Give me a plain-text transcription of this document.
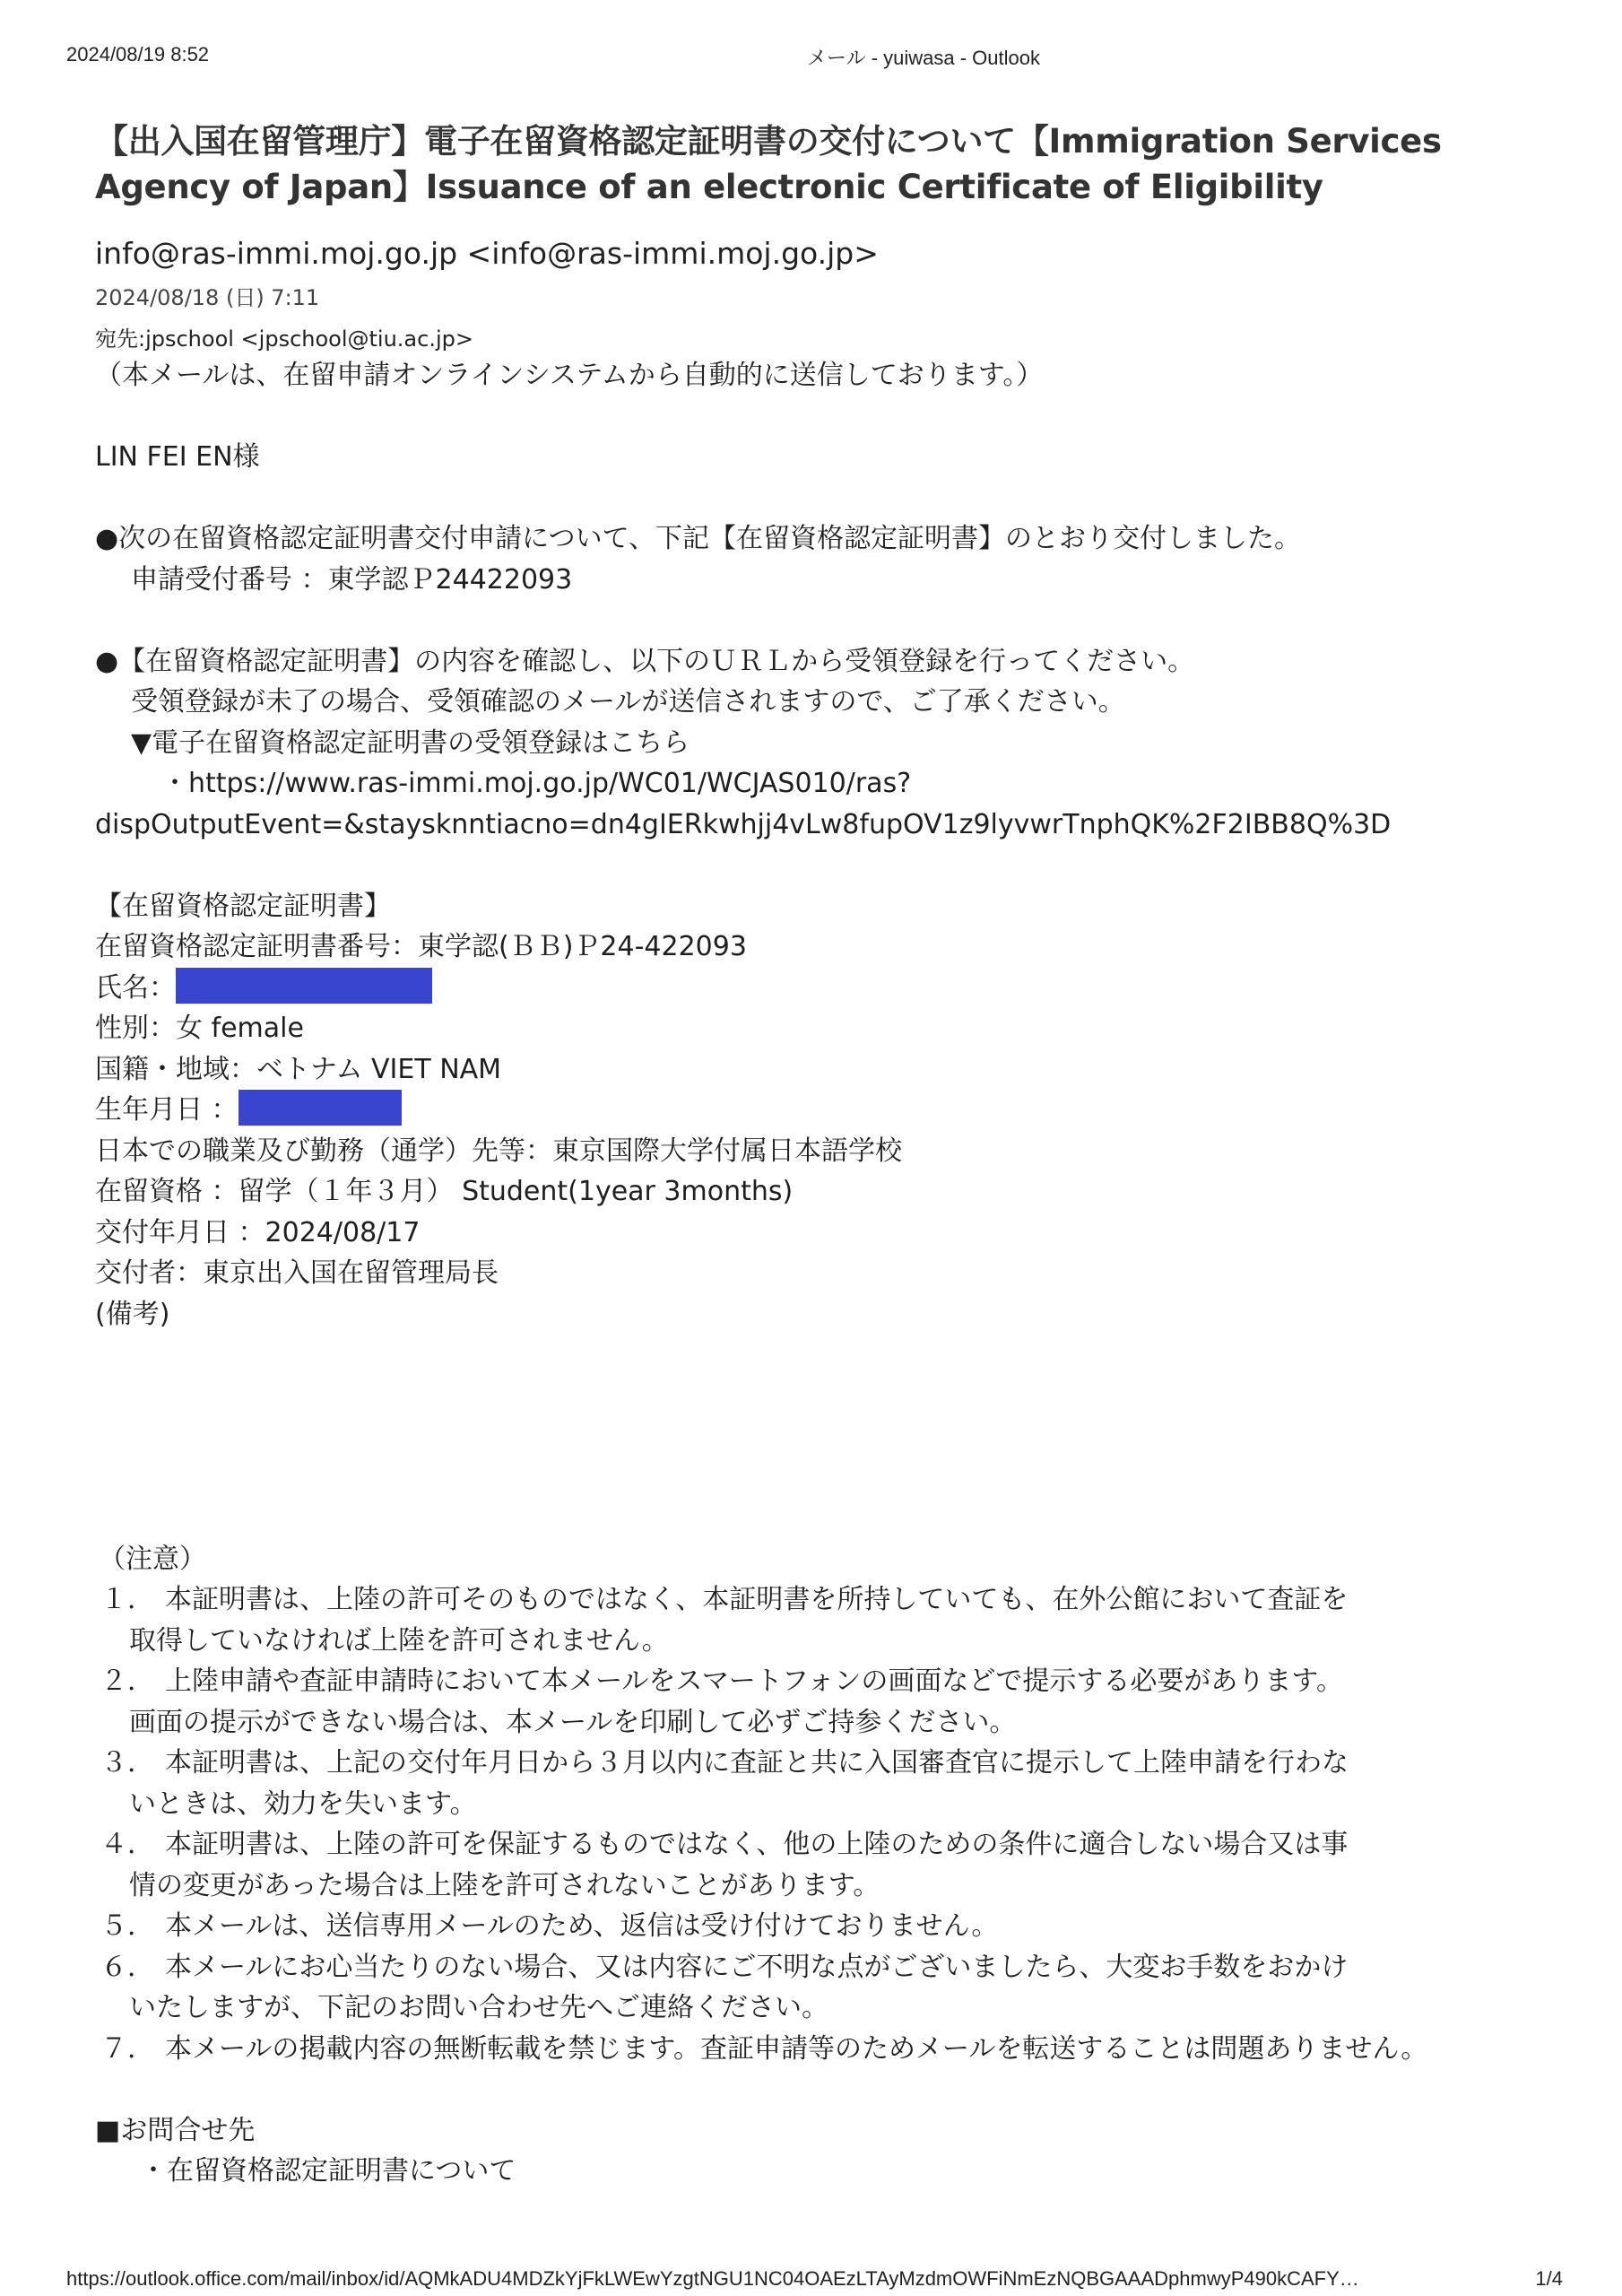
2024/08/19 8:52	メール - yuiwasa - Outlook
【出入国在留管理庁】電子在留資格認定証明書の交付について【Immigration Services Agency of Japan】Issuance of an electronic Certificate of Eligibility
info@ras-immi.moj.go.jp <info@ras-immi.moj.go.jp>
2024/08/18 (日) 7:11
宛先:jpschool <jpschool@tiu.ac.jp>
（本メールは、在留申請オンラインシステムから自動的に送信しております。）
LIN FEI EN様
●次の在留資格認定証明書交付申請について、下記【在留資格認定証明書】のとおり交付しました。
申請受付番号 ：東学認Ｐ24422093
●【在留資格認定証明書】の内容を確認し、以下のＵＲＬから受領登録を行ってください。
受領登録が未了の場合、受領確認のメールが送信されますので、ご了承ください。
▼電子在留資格認定証明書の受領登録はこちら
・https://www.ras-immi.moj.go.jp/WC01/WCJAS010/ras?
dispOutputEvent=&staysknntiacno=dn4gIERkwhjj4vLw8fupOV1z9lyvwrTnphQK%2F2IBB8Q%3D
【在留資格認定証明書】
在留資格認定証明書番号：東学認(ＢＢ)Ｐ24-422093
氏名：
性別：女 female
国籍・地域：ベトナム VIET NAM
生年月日 ：
日本での職業及び勤務（通学）先等：東京国際大学付属日本語学校
在留資格 ：留学（１年３月） Student(1year 3months)
交付年月日 ：2024/08/17
交付者：東京出入国在留管理局長
(備考)
（注意）
１． 本証明書は、上陸の許可そのものではなく、本証明書を所持していても、在外公館において査証を
取得していなければ上陸を許可されません。
２． 上陸申請や査証申請時において本メールをスマートフォンの画面などで提示する必要があります。
画面の提示ができない場合は、本メールを印刷して必ずご持参ください。
３． 本証明書は、上記の交付年月日から３月以内に査証と共に入国審査官に提示して上陸申請を行わな
いときは、効力を失います。
４． 本証明書は、上陸の許可を保証するものではなく、他の上陸のための条件に適合しない場合又は事
情の変更があった場合は上陸を許可されないことがあります。
５． 本メールは、送信専用メールのため、返信は受け付けておりません。
６． 本メールにお心当たりのない場合、又は内容にご不明な点がございましたら、大変お手数をおかけ
いたしますが、下記のお問い合わせ先へご連絡ください。
７． 本メールの掲載内容の無断転載を禁じます。査証申請等のためメールを転送することは問題ありません。
■お問合せ先
・在留資格認定証明書について
https://outlook.office.com/mail/inbox/id/AQMkADU4MDZkYjFkLWEwYzgtNGU1NC04OAEzLTAyMzdmOWFiNmEzNQBGAAADphmwyP490kCAFY…	1/4
